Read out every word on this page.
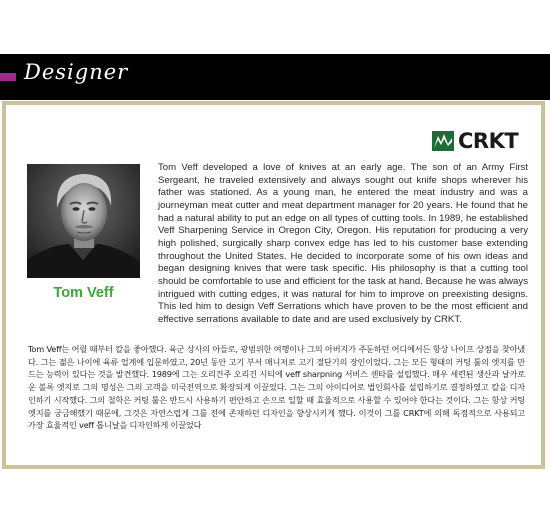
Designer
CRKT
Tom Veff
Tom Veff developed a love of knives at an early age. The son of an Army First Sergeant, he traveled extensively and always sought out knife shops wherever his father was stationed. As a young man, he entered the meat industry and was a journeyman meat cutter and meat department manager for 20 years. He found that he had a natural ability to put an edge on all types of cutting tools. In 1989, he established Veff Sharpening Service in Oregon City, Oregon. His reputation for producing a very high polished, surgically sharp convex edge has led to his customer base extending throughout the United States. He decided to incorporate some of his own ideas and began designing knives that were task specific. His philosophy is that a cutting tool should be comfortable to use and efficient for the task at hand. Because he was always intrigued with cutting edges, it was natural for him to improve on preexisting designs. This led him to design Veff Serrations which have proven to be the most efficient and effective serrations available to date and are used exclusively by CRKT.
Tom Veff는 어릴 때부터 칼을 좋아했다. 육군 상사의 아들로, 광범위한 여행이나 그의 아버지가 주둔하던 어디에서든 항상 나이프 상점을 찾아냈다. 그는 젊은 나이에 육류 업계에 입문하였고, 20년 동안 고기 부서 매니저로 고기 절단기의 장인이었다. 그는 모든 형태의 커팅 툴의 엣지를 만드는 능력이 있다는 것을 발견했다. 1989에 그는 오리건주 오리건 시티에 veff sharpning 서비스 센타를 설립했다. 매우 세련된 생산과 날카로운 볼록 엣지로 그의 명성은 그의 고객을 미국전역으로 확장되게 이끌었다. 그는 그의 아이디어로 법인회사를 설립하기로 결정하였고 칼을 디자인하기 시작했다. 그의 철학은 커팅 툴은 반드시 사용하기 편안하고 손으로 일할 때 효율적으로 사용할 수 있어야 한다는 것이다. 그는 항상 커팅 엣지를 궁금해했기 때문에, 그것은 자연스럽게 그를 전에 존재하던 디자인을 향상시키게 했다. 이것이 그를 CRKT에 의해 독점적으로 사용되고 가장 효율적인 veff 톱니날을 디자인하게 이끌었다
